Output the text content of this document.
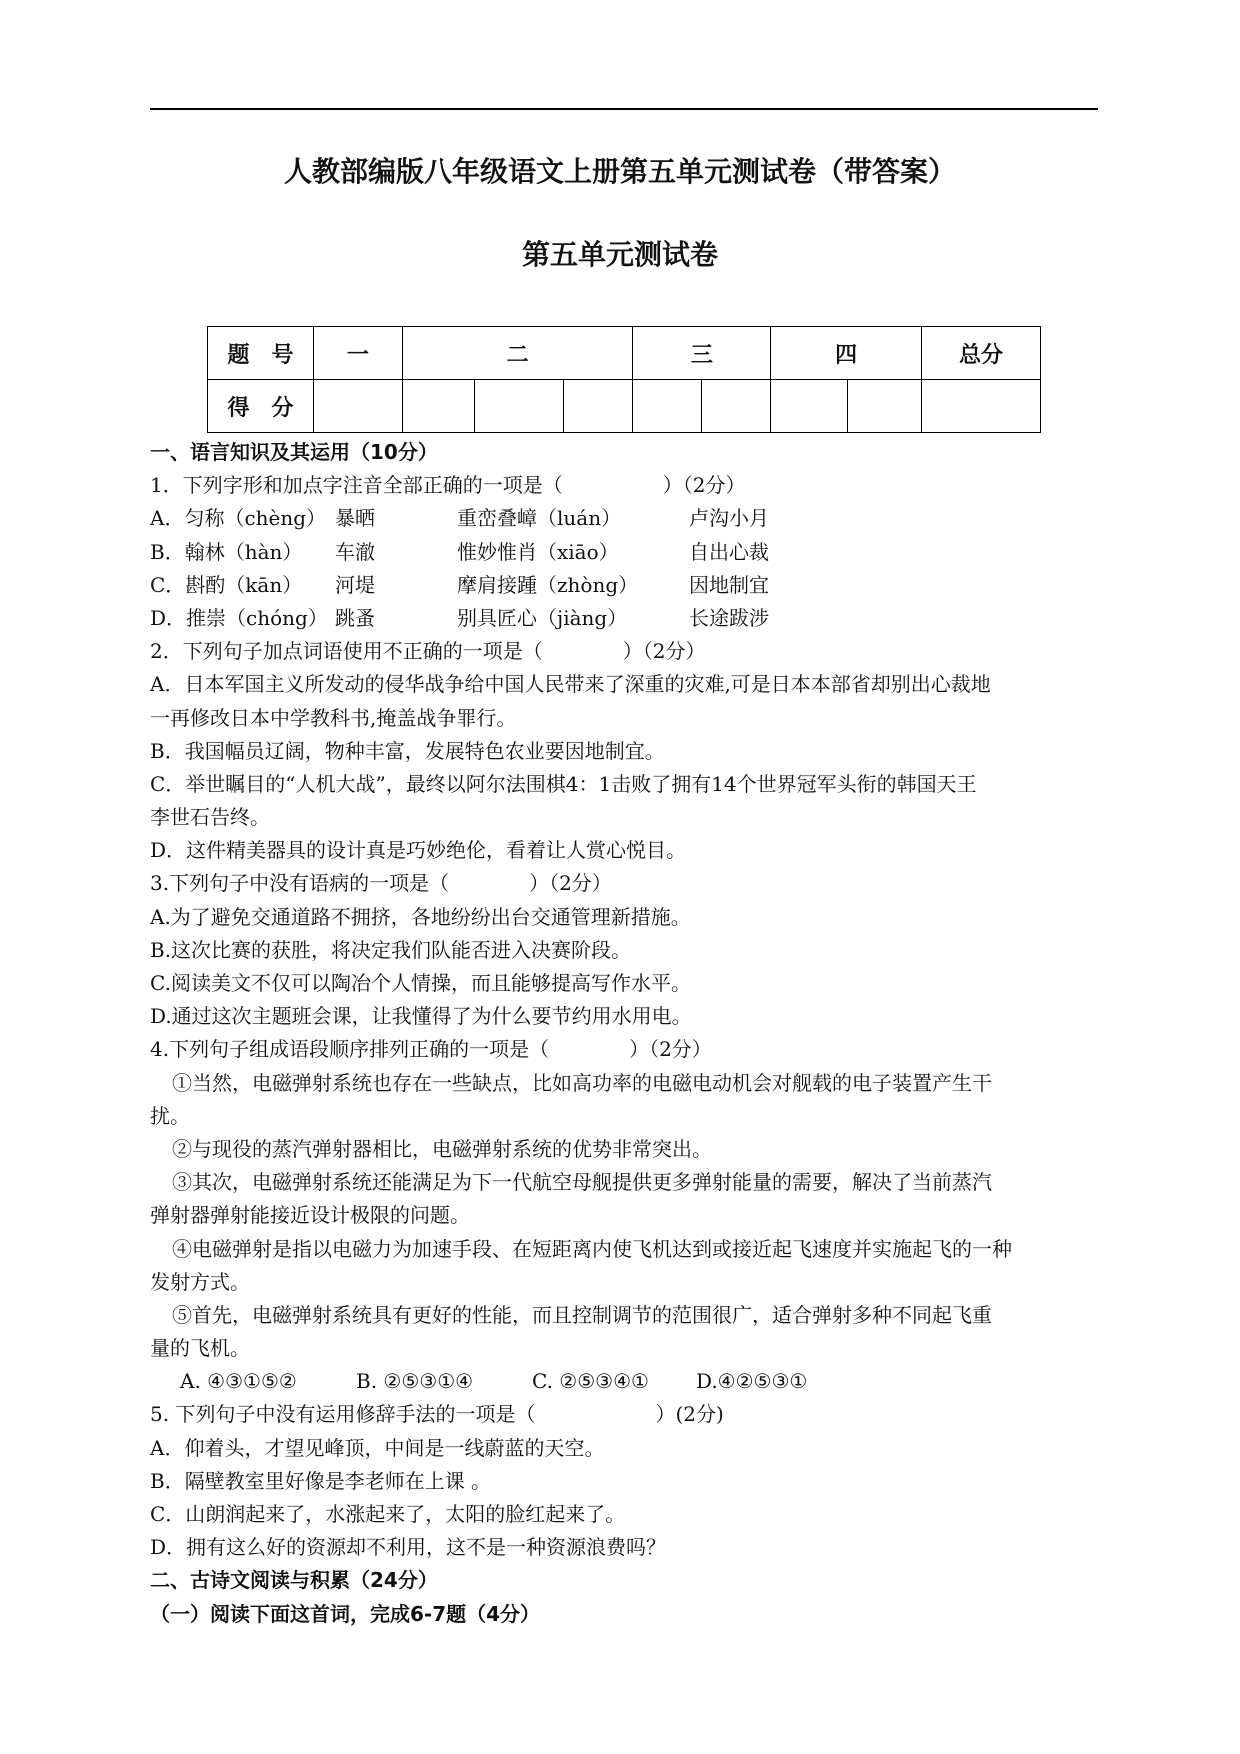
人教部编版八年级语文上册第五单元测试卷（带答案）
第五单元测试卷
题　号	一	二			三		四		总分
得　分									
一、语言知识及其运用（10分）
1．下列字形和加点字注音全部正确的一项是（　　　　　）（2分）
A．匀称（chèng） 暴晒	重峦叠嶂（luán）	卢沟小月
B．翰林（hàn） 车澈	惟妙惟肖（xiāo）	自出心裁
C．斟酌（kān） 河堤	摩肩接踵（zhòng）	因地制宜
D．推崇（chóng） 跳蚤	别具匠心（jiàng）	长途跋涉
2．下列句子加点词语使用不正确的一项是（　　　　）（2分）
A．日本军国主义所发动的侵华战争给中国人民带来了深重的灾难,可是日本本部省却别出心裁地
一再修改日本中学教科书,掩盖战争罪行。
B．我国幅员辽阔，物种丰富，发展特色农业要因地制宜。
C．举世瞩目的“人机大战”，最终以阿尔法围棋4：1击败了拥有14个世界冠军头衔的韩国天王
李世石告终。
D．这件精美器具的设计真是巧妙绝伦，看着让人赏心悦目。
3.下列句子中没有语病的一项是（　　　　）（2分）
A.为了避免交通道路不拥挤，各地纷纷出台交通管理新措施。
B.这次比赛的获胜，将决定我们队能否进入决赛阶段。
C.阅读美文不仅可以陶冶个人情操，而且能够提高写作水平。
D.通过这次主题班会课，让我懂得了为什么要节约用水用电。
4.下列句子组成语段顺序排列正确的一项是（　　　　）（2分）
①当然，电磁弹射系统也存在一些缺点，比如高功率的电磁电动机会对舰载的电子装置产生干
扰。
②与现役的蒸汽弹射器相比，电磁弹射系统的优势非常突出。
③其次，电磁弹射系统还能满足为下一代航空母舰提供更多弹射能量的需要，解决了当前蒸汽
弹射器弹射能接近设计极限的问题。
④电磁弹射是指以电磁力为加速手段、在短距离内使飞机达到或接近起飞速度并实施起飞的一种
发射方式。
⑤首先，电磁弹射系统具有更好的性能，而且控制调节的范围很广，适合弹射多种不同起飞重
量的飞机。
A. ④③①⑤②	B. ②⑤③①④	C. ②⑤③④① D.④②⑤③①
5. 下列句子中没有运用修辞手法的一项是（　　　　　　）(2分)
A．仰着头，才望见峰顶，中间是一线蔚蓝的天空。
B．隔壁教室里好像是李老师在上课 。
C．山朗润起来了，水涨起来了，太阳的脸红起来了。
D．拥有这么好的资源却不利用，这不是一种资源浪费吗？
二、古诗文阅读与积累（24分）
（一）阅读下面这首词，完成6-7题（4分）
